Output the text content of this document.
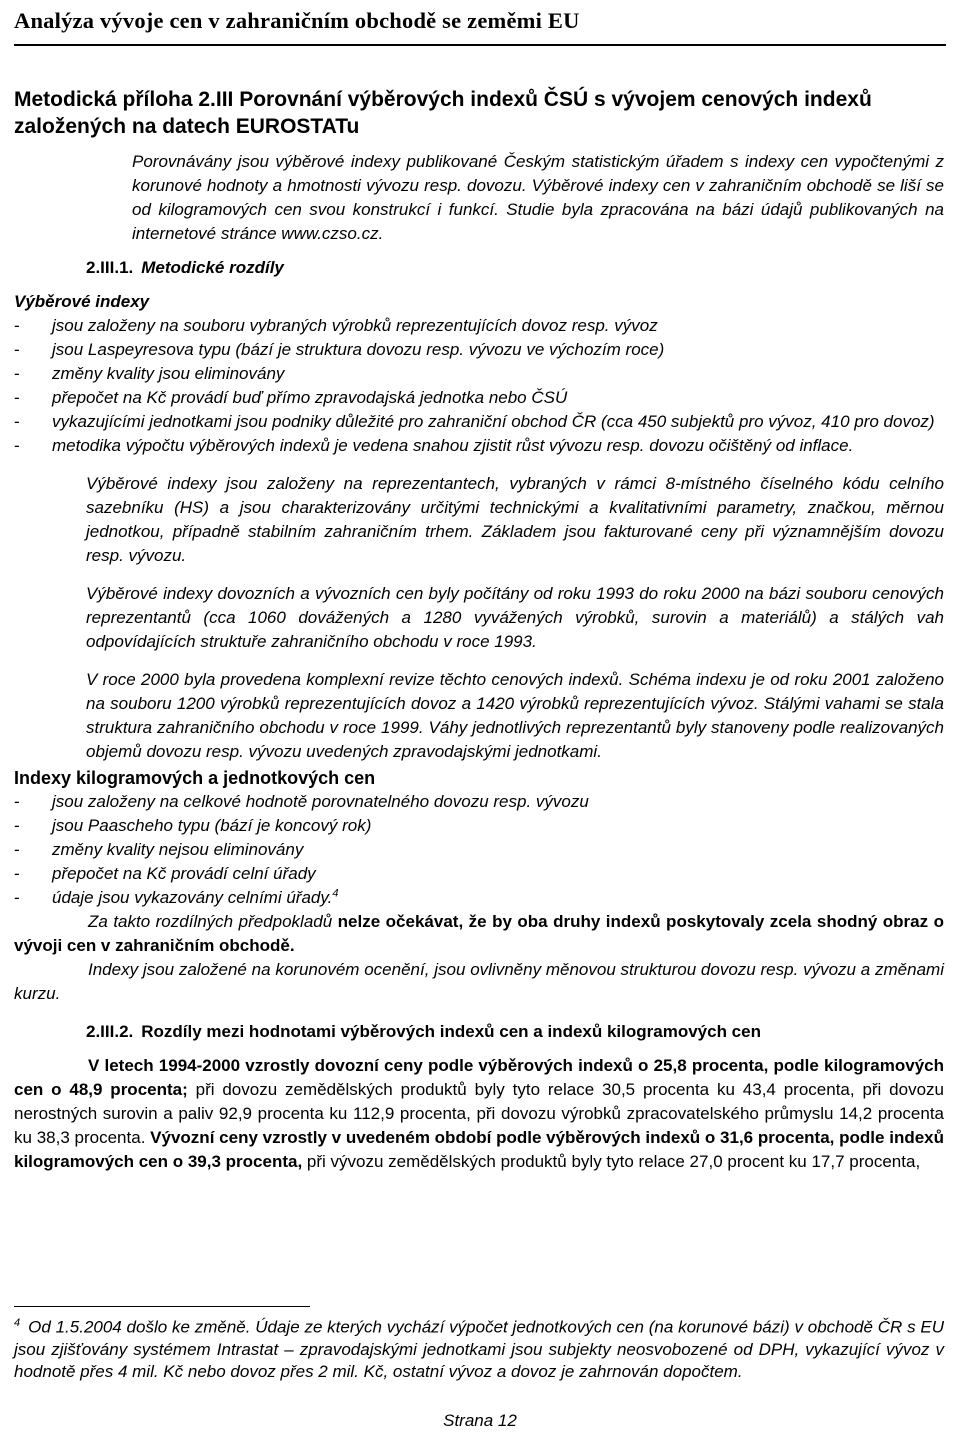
Analýza vývoje cen v zahraničním obchodě se zeměmi EU
Metodická příloha 2.III Porovnání výběrových indexů ČSÚ s vývojem cenových indexů založených na datech EUROSTATu
Porovnávány jsou výběrové indexy publikované Českým statistickým úřadem s indexy cen vypočtenými z korunové hodnoty a hmotnosti vývozu resp. dovozu. Výběrové indexy cen v zahraničním obchodě se liší se od kilogramových cen svou konstrukcí i funkcí. Studie byla zpracována na bázi údajů publikovaných na internetové stránce www.czso.cz.
2.III.1. Metodické rozdíly
Výběrové indexy
-	jsou založeny na souboru vybraných výrobků reprezentujících dovoz resp. vývoz
-	jsou Laspeyresova typu (bází je struktura dovozu resp. vývozu ve výchozím roce)
-	změny kvality jsou eliminovány
-	přepočet na Kč provádí buď přímo zpravodajská jednotka nebo ČSÚ
-	vykazujícími jednotkami jsou podniky důležité pro zahraniční obchod ČR (cca 450 subjektů pro vývoz, 410 pro dovoz)
-	metodika výpočtu výběrových indexů je vedena snahou zjistit růst vývozu resp. dovozu očištěný od inflace.
Výběrové indexy jsou založeny na reprezentantech, vybraných v rámci 8-místného číselného kódu celního sazebníku (HS) a jsou charakterizovány určitými technickými a kvalitativními parametry, značkou, měrnou jednotkou, případně stabilním zahraničním trhem. Základem jsou fakturované ceny při významnějším dovozu resp. vývozu.
Výběrové indexy dovozních a vývozních cen byly počítány od roku 1993 do roku 2000 na bázi souboru cenových reprezentantů (cca 1060 dovážených a 1280 vyvážených výrobků, surovin a materiálů) a stálých vah odpovídajících struktuře zahraničního obchodu v roce 1993.
V roce 2000 byla provedena komplexní revize těchto cenových indexů. Schéma indexu je od roku 2001 založeno na souboru 1200 výrobků reprezentujících dovoz a 1420 výrobků reprezentujících vývoz. Stálými vahami se stala struktura zahraničního obchodu v roce 1999. Váhy jednotlivých reprezentantů byly stanoveny podle realizovaných objemů dovozu resp. vývozu uvedených zpravodajskými jednotkami.
Indexy kilogramových a jednotkových cen
-	jsou založeny na celkové hodnotě porovnatelného dovozu resp. vývozu
-	jsou Paascheho typu (bází je koncový rok)
-	změny kvality nejsou eliminovány
-	přepočet na Kč provádí celní úřady
-	údaje jsou vykazovány celními úřady.$^4$
Za takto rozdílných předpokladů nelze očekávat, že by oba druhy indexů poskytovaly zcela shodný obraz o vývoji cen v zahraničním obchodě.
Indexy jsou založené na korunovém ocenění, jsou ovlivněny měnovou strukturou dovozu resp. vývozu a změnami kurzu.
2.III.2. Rozdíly mezi hodnotami výběrových indexů cen a indexů kilogramových cen
V letech 1994-2000 vzrostly dovozní ceny podle výběrových indexů o 25,8 procenta, podle kilogramových cen o 48,9 procenta; při dovozu zemědělských produktů byly tyto relace 30,5 procenta ku 43,4 procenta, při dovozu nerostných surovin a paliv 92,9 procenta ku 112,9 procenta, při dovozu výrobků zpracovatelského průmyslu 14,2 procenta ku 38,3 procenta. Vývozní ceny vzrostly v uvedeném období podle výběrových indexů o 31,6 procenta, podle indexů kilogramových cen o 39,3 procenta, při vývozu zemědělských produktů byly tyto relace 27,0 procent ku 17,7 procenta,
$^4$ Od 1.5.2004 došlo ke změně. Údaje ze kterých vychází výpočet jednotkových cen (na korunové bázi) v obchodě ČR s EU jsou zjišťovány systémem Intrastat – zpravodajskými jednotkami jsou subjekty neosvobozené od DPH, vykazující vývoz v hodnotě přes 4 mil. Kč nebo dovoz přes 2 mil. Kč, ostatní vývoz a dovoz je zahrnován dopočtem.
Strana 12
